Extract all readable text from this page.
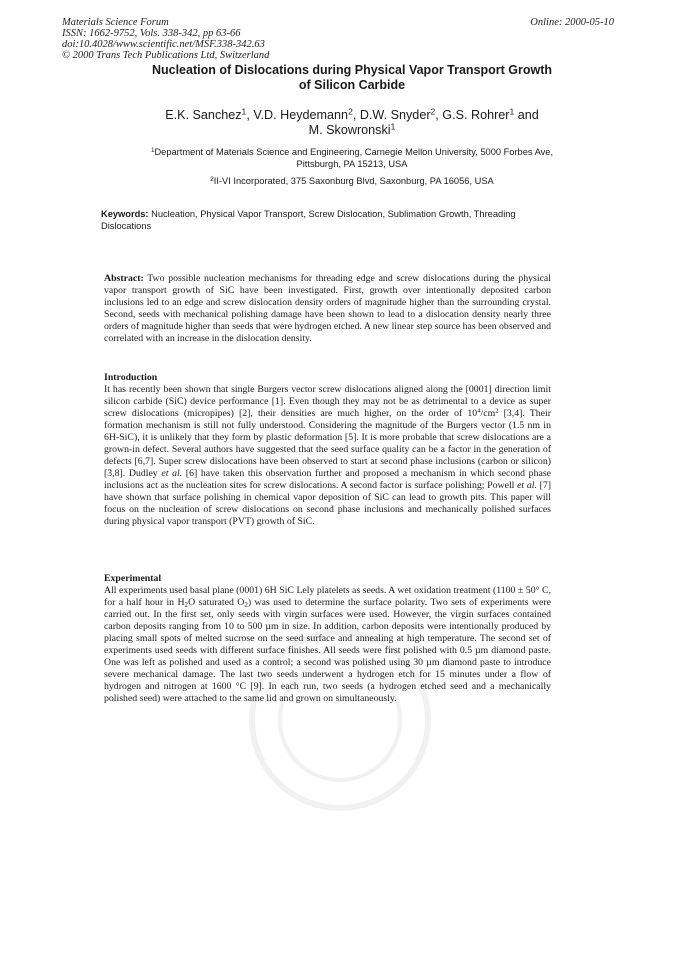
Materials Science Forum
ISSN: 1662-9752, Vols. 338-342, pp 63-66
doi:10.4028/www.scientific.net/MSF.338-342.63
© 2000 Trans Tech Publications Ltd, Switzerland
Online: 2000-05-10
Nucleation of Dislocations during Physical Vapor Transport Growth
of Silicon Carbide
E.K. Sanchez$^1$, V.D. Heydemann$^2$, D.W. Snyder$^2$, G.S. Rohrer$^1$ and
M. Skowronski$^1$
$^1$Department of Materials Science and Engineering, Carnegie Mellon University, 5000 Forbes Ave,
Pittsburgh, PA 15213, USA
$^2$II-VI Incorporated, 375 Saxonburg Blvd, Saxonburg, PA 16056, USA
Keywords: Nucleation, Physical Vapor Transport, Screw Dislocation, Sublimation Growth, Threading Dislocations
Abstract: Two possible nucleation mechanisms for threading edge and screw dislocations during the physical vapor transport growth of SiC have been investigated. First, growth over intentionally deposited carbon inclusions led to an edge and screw dislocation density orders of magnitude higher than the surrounding crystal. Second, seeds with mechanical polishing damage have been shown to lead to a dislocation density nearly three orders of magnitude higher than seeds that were hydrogen etched. A new linear step source has been observed and correlated with an increase in the dislocation density.
Introduction
It has recently been shown that single Burgers vector screw dislocations aligned along the [0001] direction limit silicon carbide (SiC) device performance [1]. Even though they may not be as detrimental to a device as super screw dislocations (micropipes) [2], their densities are much higher, on the order of $10^4/cm^2$ [3,4]. Their formation mechanism is still not fully understood. Considering the magnitude of the Burgers vector (1.5 nm in 6H-SiC), it is unlikely that they form by plastic deformation [5]. It is more probable that screw dislocations are a grown-in defect. Several authors have suggested that the seed surface quality can be a factor in the generation of defects [6,7]. Super screw dislocations have been observed to start at second phase inclusions (carbon or silicon) [3,8]. Dudley et al. [6] have taken this observation further and proposed a mechanism in which second phase inclusions act as the nucleation sites for screw dislocations. A second factor is surface polishing; Powell et al. [7] have shown that surface polishing in chemical vapor deposition of SiC can lead to growth pits. This paper will focus on the nucleation of screw dislocations on second phase inclusions and mechanically polished surfaces during physical vapor transport (PVT) growth of SiC.
Experimental
All experiments used basal plane (0001) 6H SiC Lely platelets as seeds. A wet oxidation treatment (1100 ± 50° C, for a half hour in $H_2O$ saturated $O_2$) was used to determine the surface polarity. Two sets of experiments were carried out. In the first set, only seeds with virgin surfaces were used. However, the virgin surfaces contained carbon deposits ranging from 10 to 500 µm in size. In addition, carbon deposits were intentionally produced by placing small spots of melted sucrose on the seed surface and annealing at high temperature. The second set of experiments used seeds with different surface finishes. All seeds were first polished with 0.5 µm diamond paste. One was left as polished and used as a control; a second was polished using 30 µm diamond paste to introduce severe mechanical damage. The last two seeds underwent a hydrogen etch for 15 minutes under a flow of hydrogen and nitrogen at 1600 °C [9]. In each run, two seeds (a hydrogen etched seed and a mechanically polished seed) were attached to the same lid and grown on simultaneously.
